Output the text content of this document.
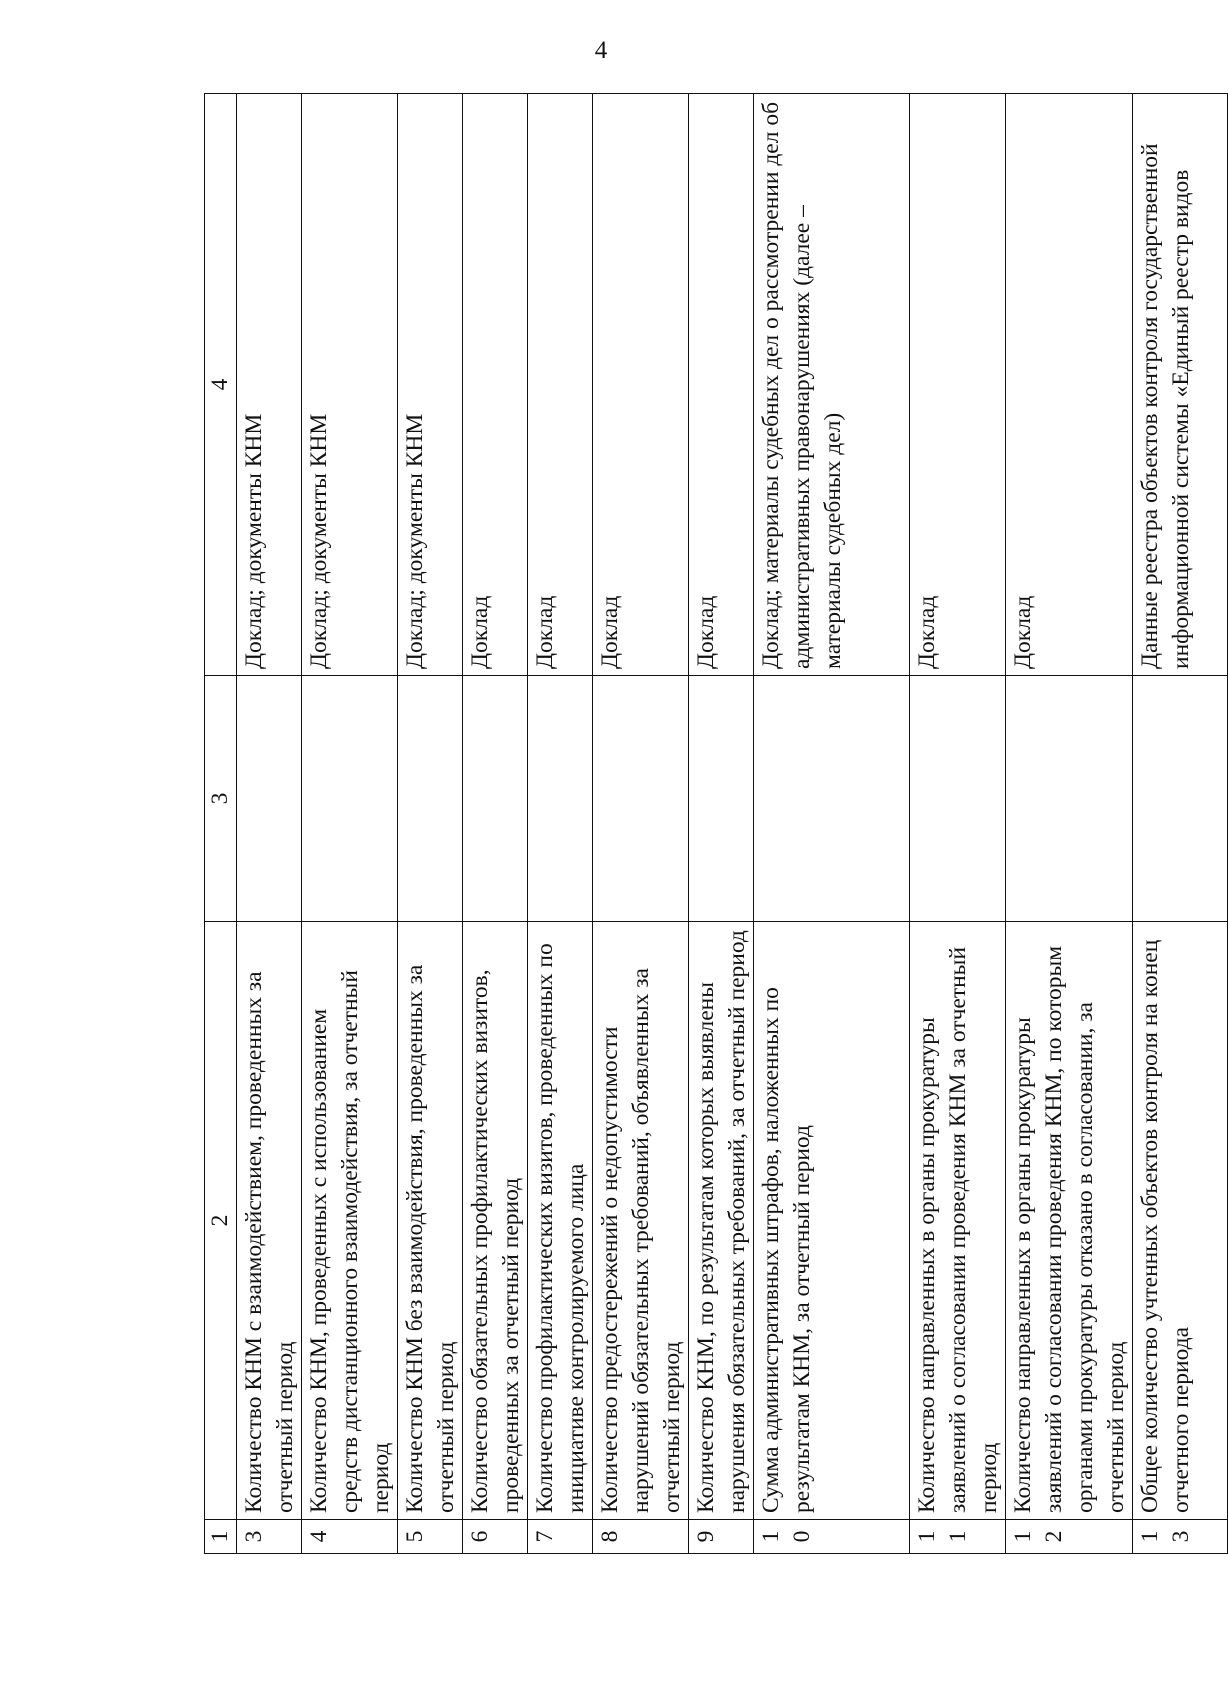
4
1	2	3	4
3	Количество КНМ с взаимодействием, проведенных за отчетный период		Доклад; документы КНМ
4	Количество КНМ, проведенных с использованием средств дистанционного взаимодействия, за отчетный период		Доклад; документы КНМ
5	Количество КНМ без взаимодействия, проведенных за отчетный период		Доклад; документы КНМ
6	Количество обязательных профилактических визитов, проведенных за отчетный период		Доклад
7	Количество профилактических визитов, проведенных по инициативе контролируемого лица		Доклад
8	Количество предостережений о недопустимости нарушений обязательных требований, объявленных за отчетный период		Доклад
9	Количество КНМ, по результатам которых выявлены нарушения обязательных требований, за отчетный период		Доклад
10	Сумма административных штрафов, наложенных по результатам КНМ, за отчетный период		Доклад; материалы судебных дел о рассмотрении дел об административных правонарушениях (далее – материалы судебных дел)
11	Количество направленных в органы прокуратуры заявлений о согласовании проведения КНМ за отчетный период		Доклад
12	Количество направленных в органы прокуратуры заявлений о согласовании проведения КНМ, по которым органами прокуратуры отказано в согласовании, за отчетный период		Доклад
13	Общее количество учтенных объектов контроля на конец отчетного периода		Данные реестра объектов контроля государственной информационной системы «Единый реестр видов
